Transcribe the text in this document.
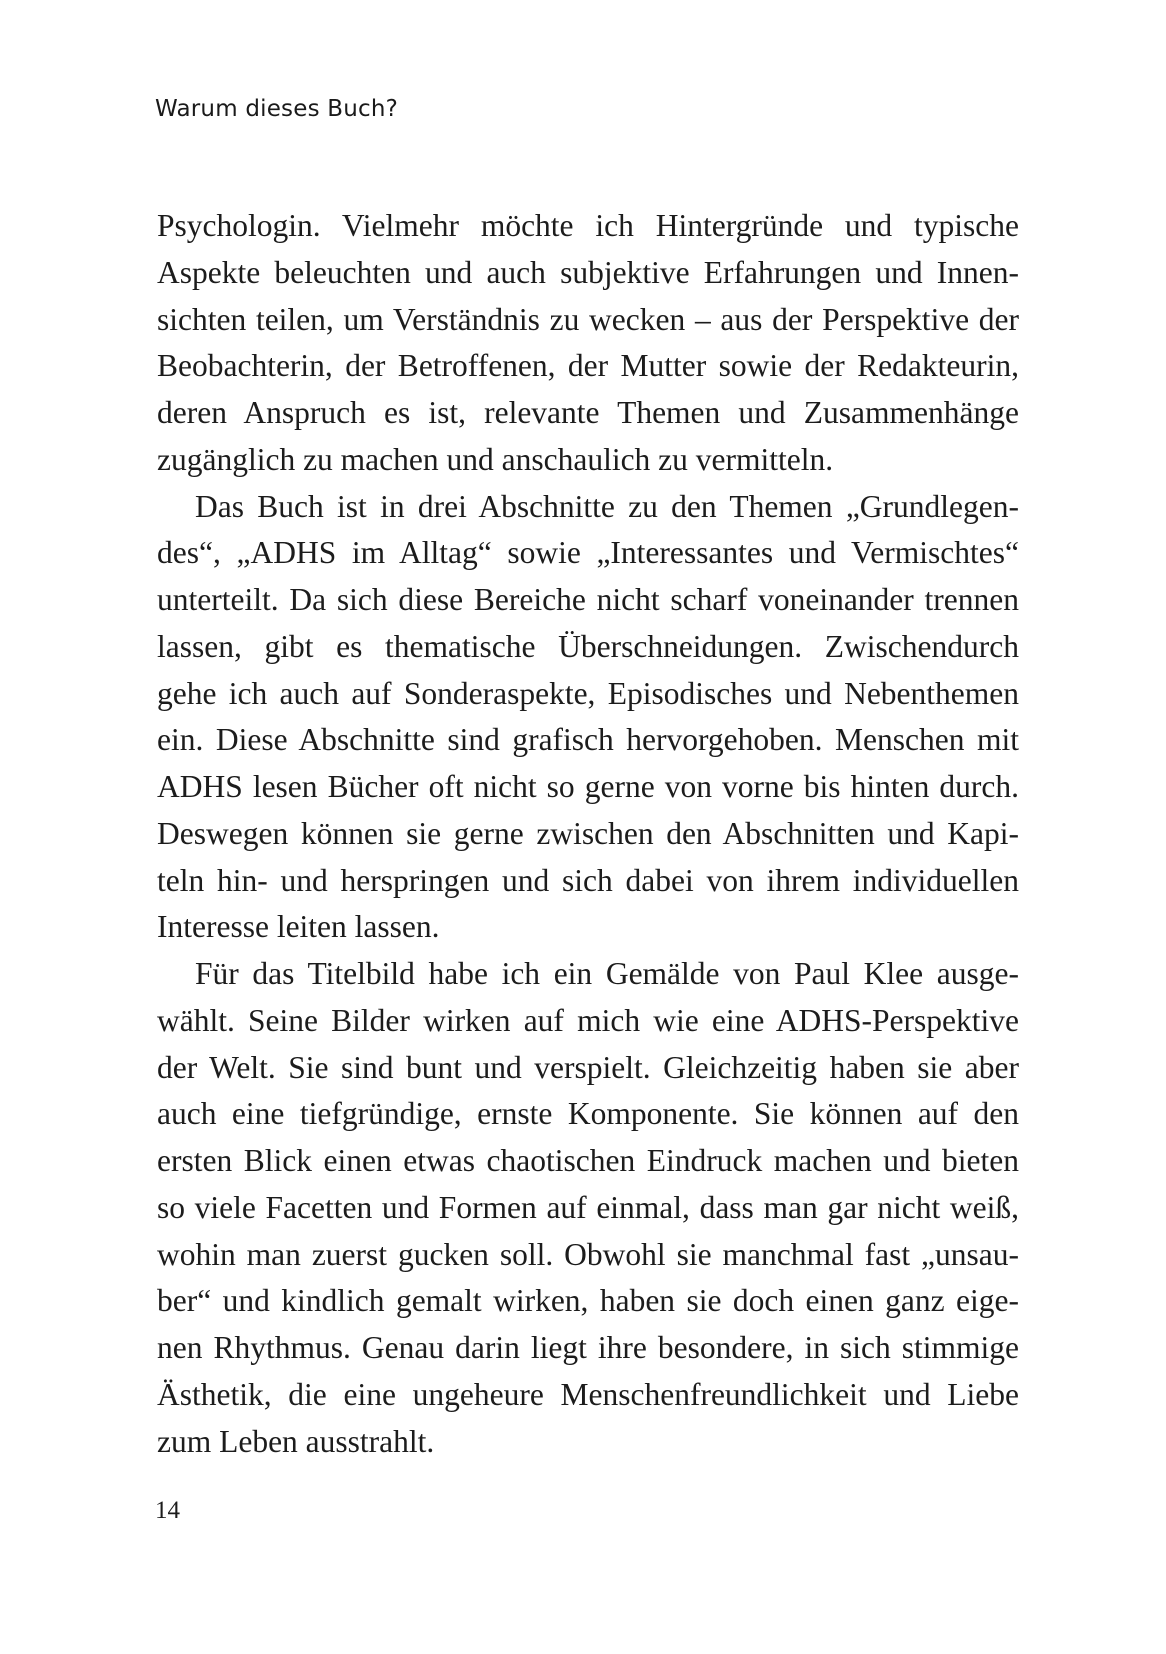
Warum dieses Buch?
Psychologin. Vielmehr möchte ich Hintergründe und typische
Aspekte beleuchten und auch subjektive Erfahrungen und Innen-
sichten teilen, um Verständnis zu wecken – aus der Perspektive der
Beobachterin, der Betroffenen, der Mutter sowie der Redakteurin,
deren Anspruch es ist, relevante Themen und Zusammenhänge
zugänglich zu machen und anschaulich zu vermitteln.
Das Buch ist in drei Abschnitte zu den Themen „Grundlegen-
des“, „ADHS im Alltag“ sowie „Interessantes und Vermischtes“
unterteilt. Da sich diese Bereiche nicht scharf voneinander trennen
lassen, gibt es thematische Überschneidungen. Zwischendurch
gehe ich auch auf Sonderaspekte, Episodisches und Nebenthemen
ein. Diese Abschnitte sind grafisch hervorgehoben. Menschen mit
ADHS lesen Bücher oft nicht so gerne von vorne bis hinten durch.
Deswegen können sie gerne zwischen den Abschnitten und Kapi-
teln hin- und herspringen und sich dabei von ihrem individuellen
Interesse leiten lassen.
Für das Titelbild habe ich ein Gemälde von Paul Klee ausge-
wählt. Seine Bilder wirken auf mich wie eine ADHS-Perspektive
der Welt. Sie sind bunt und verspielt. Gleichzeitig haben sie aber
auch eine tiefgründige, ernste Komponente. Sie können auf den
ersten Blick einen etwas chaotischen Eindruck machen und bieten
so viele Facetten und Formen auf einmal, dass man gar nicht weiß,
wohin man zuerst gucken soll. Obwohl sie manchmal fast „unsau-
ber“ und kindlich gemalt wirken, haben sie doch einen ganz eige-
nen Rhythmus. Genau darin liegt ihre besondere, in sich stimmige
Ästhetik, die eine ungeheure Menschenfreundlichkeit und Liebe
zum Leben ausstrahlt.
14
